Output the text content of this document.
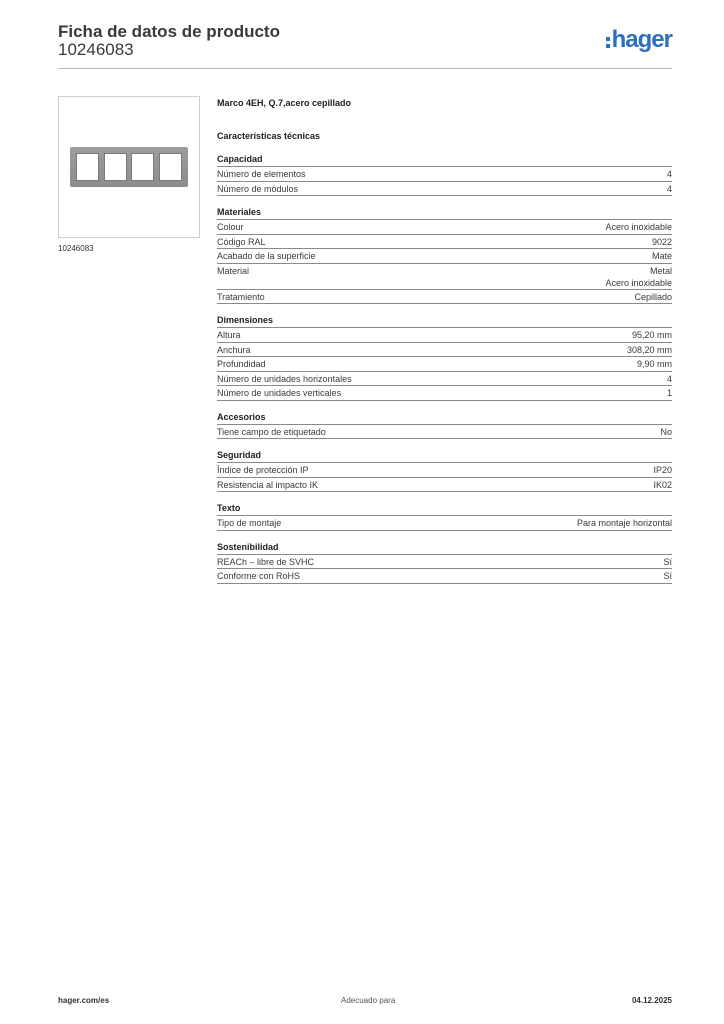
Ficha de datos de producto
10246083	hager
10246083
Marco 4EH, Q.7,acero cepillado
Características técnicas
Capacidad
Número de elementos	4
Número de módulos	4
Materiales
Colour	Acero inoxidable
Código RAL	9022
Acabado de la superficie	Mate
Material	Metal
Acero inoxidable
Tratamiento	Cepillado
Dimensiones
Altura	95,20 mm
Anchura	308,20 mm
Profundidad	9,90 mm
Número de unidades horizontales	4
Número de unidades verticales	1
Accesorios
Tiene campo de etiquetado	No
Seguridad
Índice de protección IP	IP20
Resistencia al impacto IK	IK02
Texto
Tipo de montaje	Para montaje horizontal
Sostenibilidad
REACh – libre de SVHC	Sí
Conforme con RoHS	Sí
hager.com/es	Adecuado para	04.12.2025
